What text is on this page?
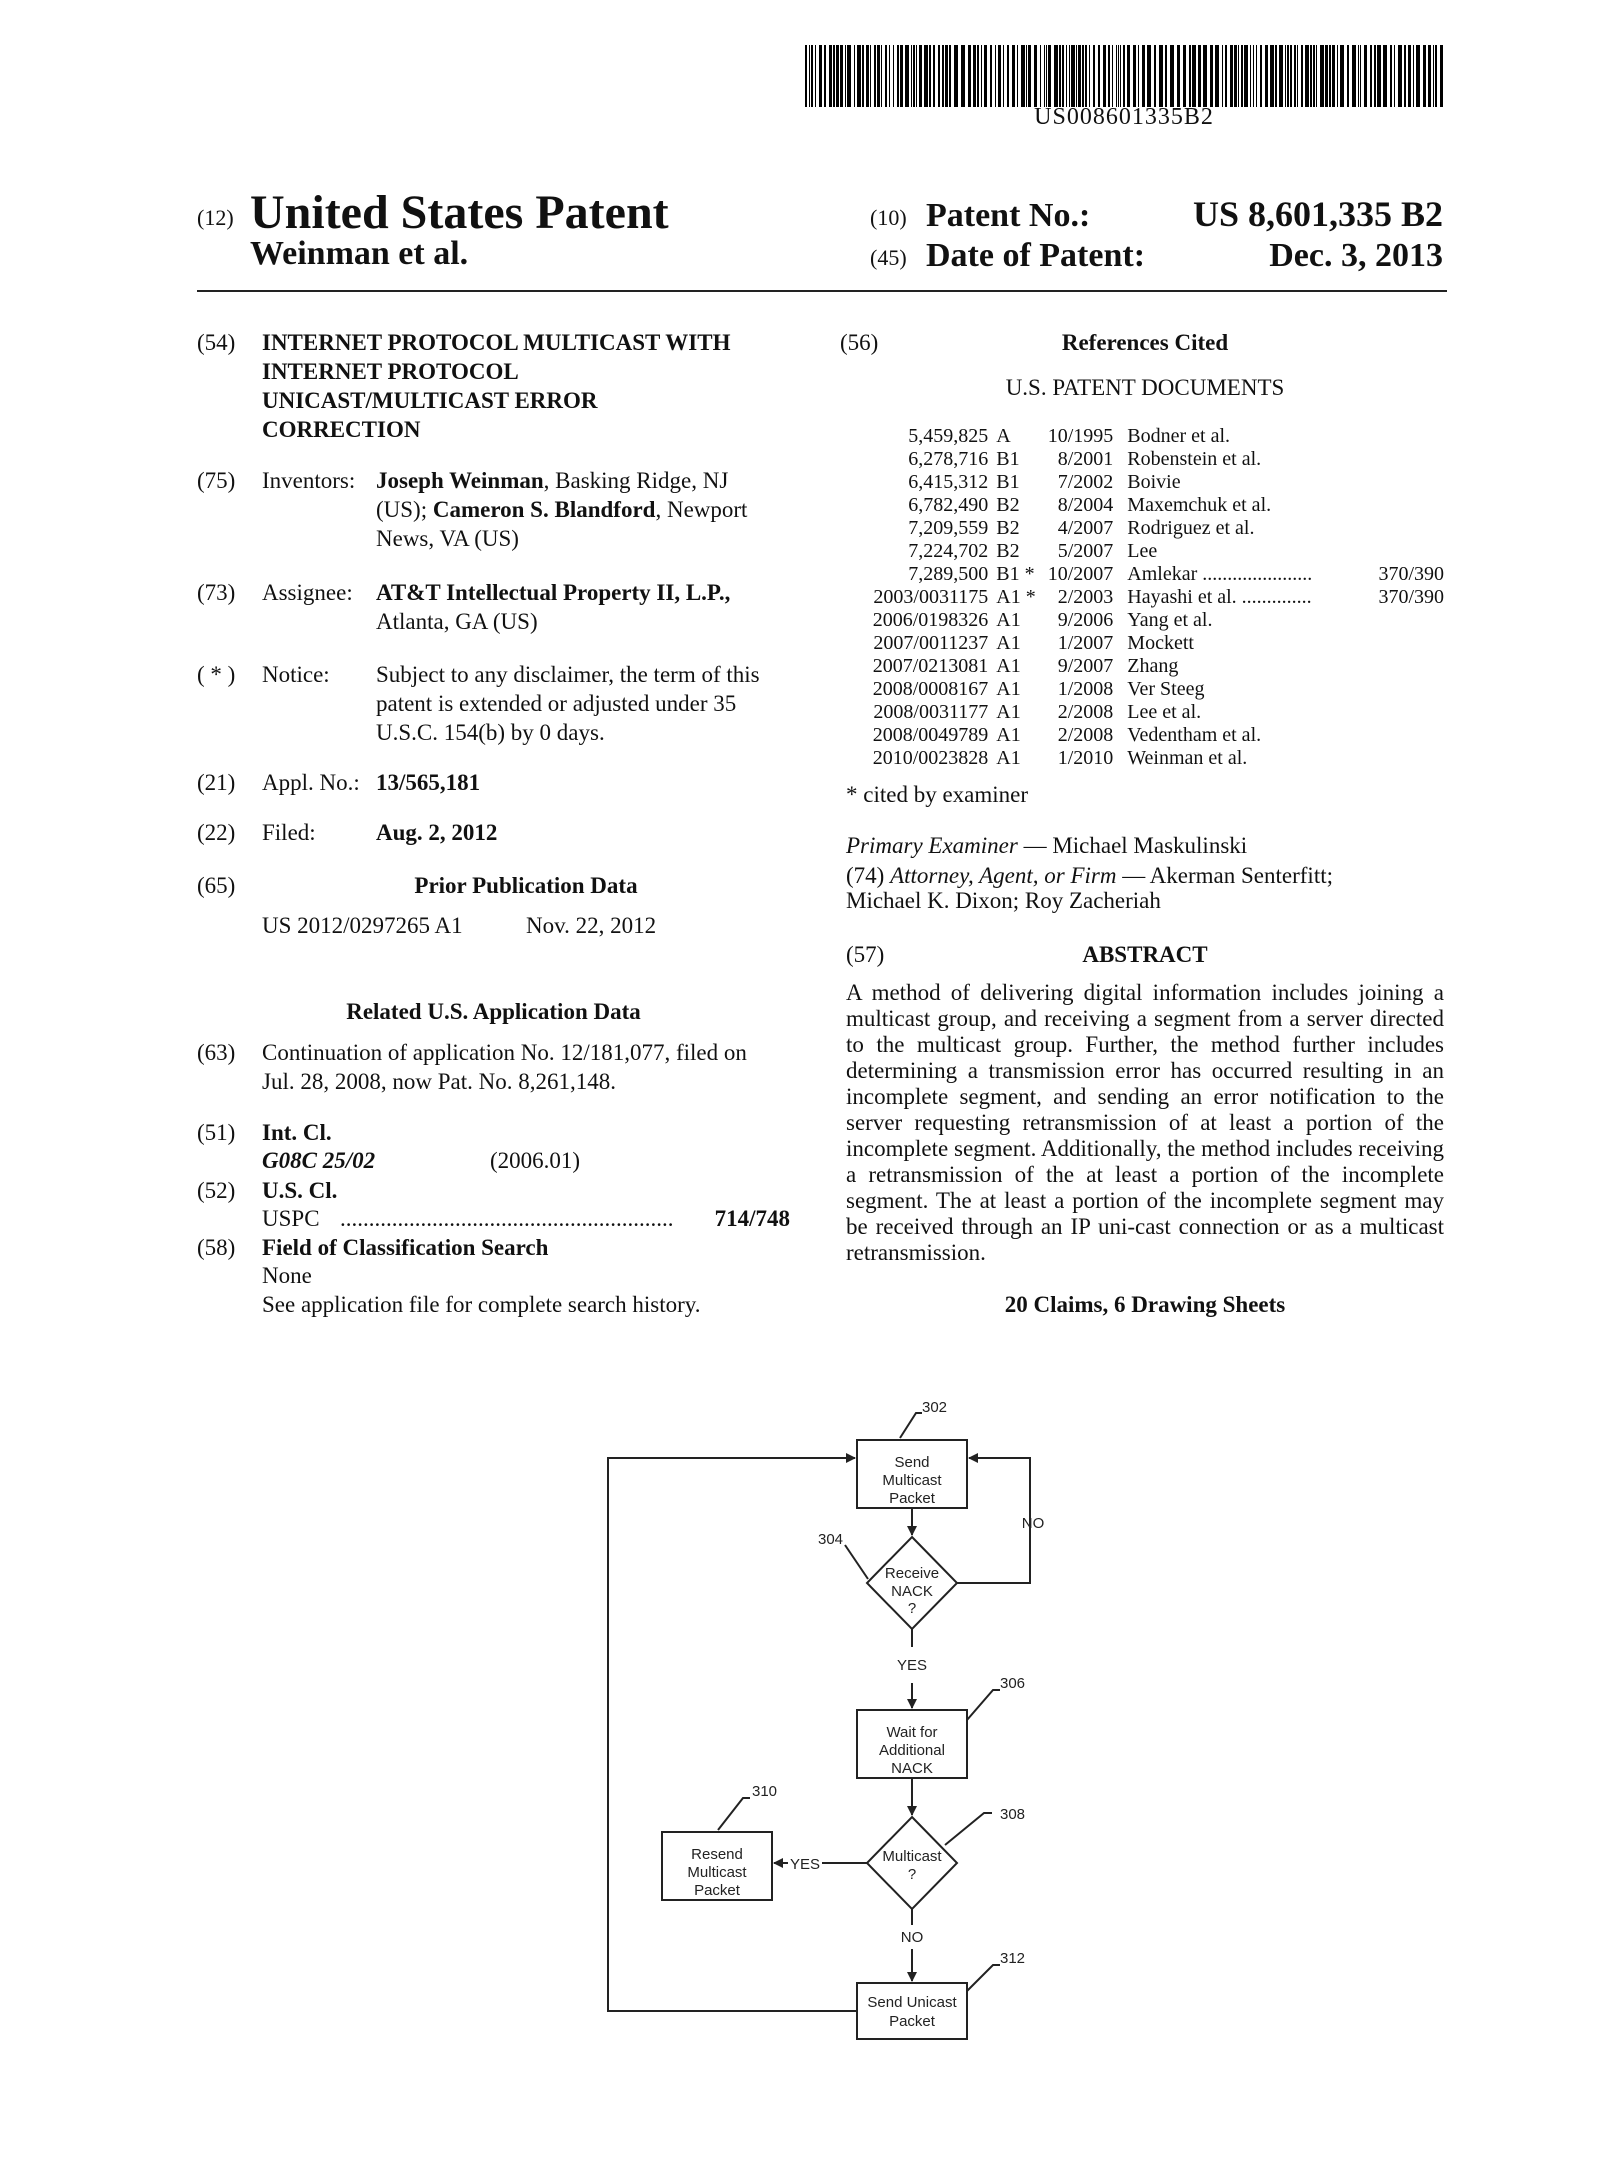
US008601335B2
(12) United States Patent
Weinman et al.
(10) Patent No.:	US 8,601,335 B2
(45) Date of Patent:	Dec. 3, 2013
(54) INTERNET PROTOCOL MULTICAST WITH
INTERNET PROTOCOL
UNICAST/MULTICAST ERROR
CORRECTION
(75) Inventors: Joseph Weinman, Basking Ridge, NJ
(US); Cameron S. Blandford, Newport
News, VA (US)
(73) Assignee: AT&T Intellectual Property II, L.P.,
Atlanta, GA (US)
( * ) Notice: Subject to any disclaimer, the term of this
patent is extended or adjusted under 35
U.S.C. 154(b) by 0 days.
(21) Appl. No.: 13/565,181
(22) Filed:	Aug. 2, 2012
(65)	Prior Publication Data
US 2012/0297265 A1	Nov. 22, 2012
Related U.S. Application Data
(63) Continuation of application No. 12/181,077, filed on
Jul. 28, 2008, now Pat. No. 8,261,148.
(51) Int. Cl.
G08C 25/02	(2006.01)
(52) U.S. Cl.
USPC ..........................................................	714/748
(58) Field of Classification Search
None
See application file for complete search history.
(56)	References Cited
U.S. PATENT DOCUMENTS
5,459,825	A	10/1995	Bodner et al.	
6,278,716	B1	8/2001	Robenstein et al.	
6,415,312	B1	7/2002	Boivie	
6,782,490	B2	8/2004	Maxemchuk et al.	
7,209,559	B2	4/2007	Rodriguez et al.	
7,224,702	B2	5/2007	Lee	
7,289,500	B1 *	10/2007	Amlekar ......................	370/390
2003/0031175	A1 *	2/2003	Hayashi et al. ..............	370/390
2006/0198326	A1	9/2006	Yang et al.	
2007/0011237	A1	1/2007	Mockett	
2007/0213081	A1	9/2007	Zhang	
2008/0008167	A1	1/2008	Ver Steeg	
2008/0031177	A1	2/2008	Lee et al.	
2008/0049789	A1	2/2008	Vedentham et al.	
2010/0023828	A1	1/2010	Weinman et al.	
* cited by examiner
Primary Examiner — Michael Maskulinski
(74) Attorney, Agent, or Firm — Akerman Senterfitt;
Michael K. Dixon; Roy Zacheriah
(57)	ABSTRACT
A method of delivering digital information includes joining a multicast group, and receiving a segment from a server directed to the multicast group. Further, the method further includes determining a transmission error has occurred resulting in an incomplete segment, and sending an error notification to the server requesting retransmission of at least a portion of the incomplete segment. Additionally, the method includes receiving a retransmission of the at least a portion of the incomplete segment. The at least a portion of the incomplete segment may be received through an IP uni-cast connection or as a multicast retransmission.
20 Claims, 6 Drawing Sheets
302
304
306
308
310
312
Send
Multicast
Packet
Receive
NACK
?
YES
NO
Wait for
Additional
NACK
Multicast
?
YES
NO
Resend
Multicast
Packet
Send Unicast
Packet
